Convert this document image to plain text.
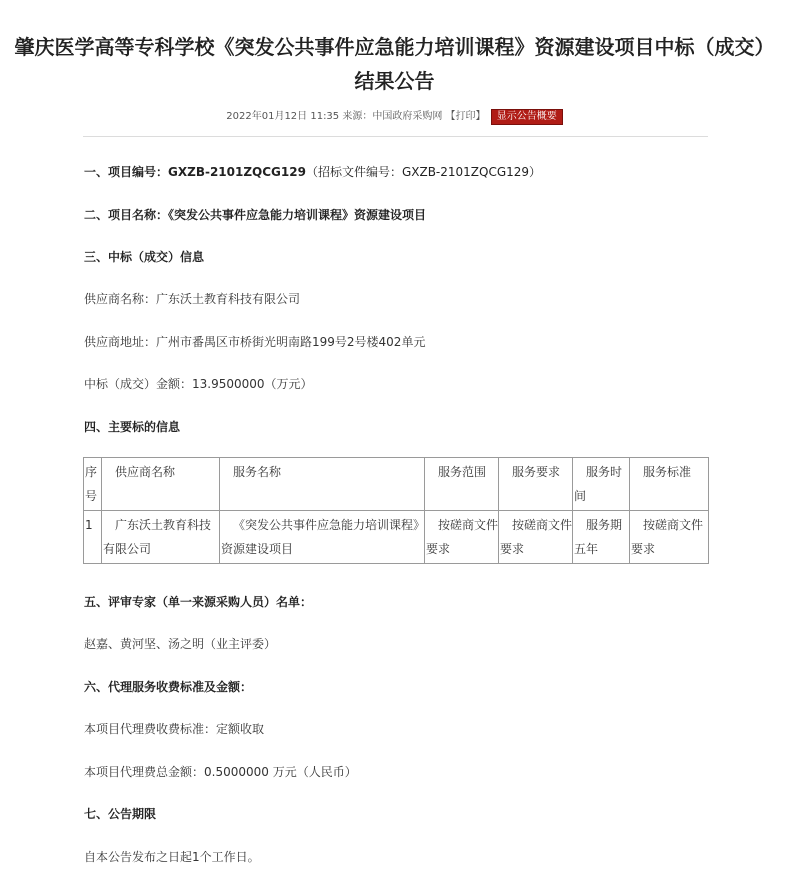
肇庆医学高等专科学校《突发公共事件应急能力培训课程》资源建设项目中标（成交）结果公告
2022年01月12日 11:35 来源：中国政府采购网 【打印】 显示公告概要
一、项目编号：GXZB-2101ZQCG129（招标文件编号：GXZB-2101ZQCG129）
二、项目名称：《突发公共事件应急能力培训课程》资源建设项目
三、中标（成交）信息
供应商名称：广东沃土教育科技有限公司
供应商地址：广州市番禺区市桥街光明南路199号2号楼402单元
中标（成交）金额：13.9500000（万元）
四、主要标的信息
序号	供应商名称	服务名称	服务范围	服务要求	服务时间	服务标准
1	广东沃土教育科技有限公司	《突发公共事件应急能力培训课程》资源建设项目	按磋商文件要求	按磋商文件要求	服务期五年	按磋商文件要求
五、评审专家（单一来源采购人员）名单：
赵嘉、黄河坚、汤之明（业主评委）
六、代理服务收费标准及金额：
本项目代理费收费标准：定额收取
本项目代理费总金额：0.5000000 万元（人民币）
七、公告期限
自本公告发布之日起1个工作日。
